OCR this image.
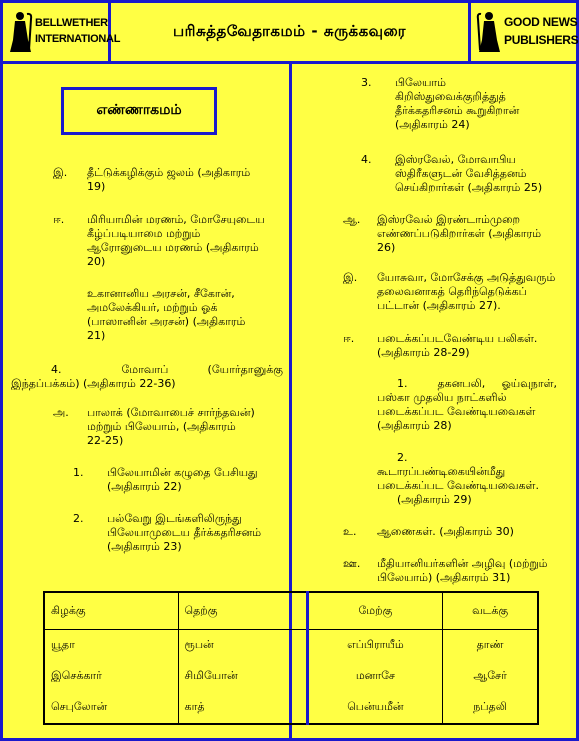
BELLWETHER
INTERNATIONAL	பரிசுத்தவேதாகமம் - சுருக்கவுரை	GOOD NEWS
PUBLISHERS
எண்ணாகமம்
இ. தீட்டுக்கழிக்கும் ஜலம் (அதிகாரம்
19)
ஈ. மிரியாமின் மரணம், மோசேயுடைய
கீழ்ப்படியாமை மற்றும்
ஆரோனுடைய மரணம் (அதிகாரம்
20)
உகானானிய அரசன், சீகோன்,
அமலேக்கியர், மற்றும் ஓக்
(பாஸானின் அரசன்) (அதிகாரம்
21)
4.	மோவாப் (யோர்தானுக்கு
இந்தப்பக்கம்) (அதிகாரம் 22-36)
அ. பாலாக் (மோவாபைச் சார்ந்தவன்)
மற்றும் பிலேயாம், (அதிகாரம்
22-25)
1. பிலேயாமின் கழுதை பேசியது
(அதிகாரம் 22)
2. பல்வேறு இடங்களிலிருந்து
பிலேயாமுடைய தீர்க்கதரிசனம்
(அதிகாரம் 23)
3. பிலேயாம்
கிறிஸ்துவைக்குறித்துத்
தீர்க்கதரிசனம் கூறுகிறான்
(அதிகாரம் 24)
4. இஸ்ரவேல், மோவாபிய
ஸ்திரீகளுடன் வேசித்தனம்
செய்கிறார்கள் (அதிகாரம் 25)
ஆ. இஸ்ரவேல் இரண்டாம்முறை
எண்ணப்படுகிறார்கள் (அதிகாரம்
26)
இ. யோசுவா, மோசேக்கு அடுத்துவரும்
தலைவனாகத் தெரிந்தெடுக்கப்
பட்டான் (அதிகாரம் 27).
ஈ. படைக்கப்படவேண்டிய பலிகள்.
(அதிகாரம் 28-29)
1.	தகனபலி, ஓய்வுநாள்,
பஸ்கா முதலிய நாட்களில்
படைக்கப்பட வேண்டியவைகள்
(அதிகாரம் 28)
2.
கூடாரப்பண்டிகையின்மீது
படைக்கப்பட வேண்டியவைகள்.
(அதிகாரம் 29)
உ. ஆணைகள். (அதிகாரம் 30)
ஊ. மீதியானியர்களின் அழிவு (மற்றும்
பிலேயாம்) (அதிகாரம் 31)
கிழக்கு	தெற்கு	மேற்கு	வடக்கு
யூதா	ரூபன்	எப்பிராயீம்	தாண்
இசெக்கார்	சிமியோன்	மனாசே	ஆசேர்
செபுலோன்	காத்	பென்யமீன்	நப்தலி
